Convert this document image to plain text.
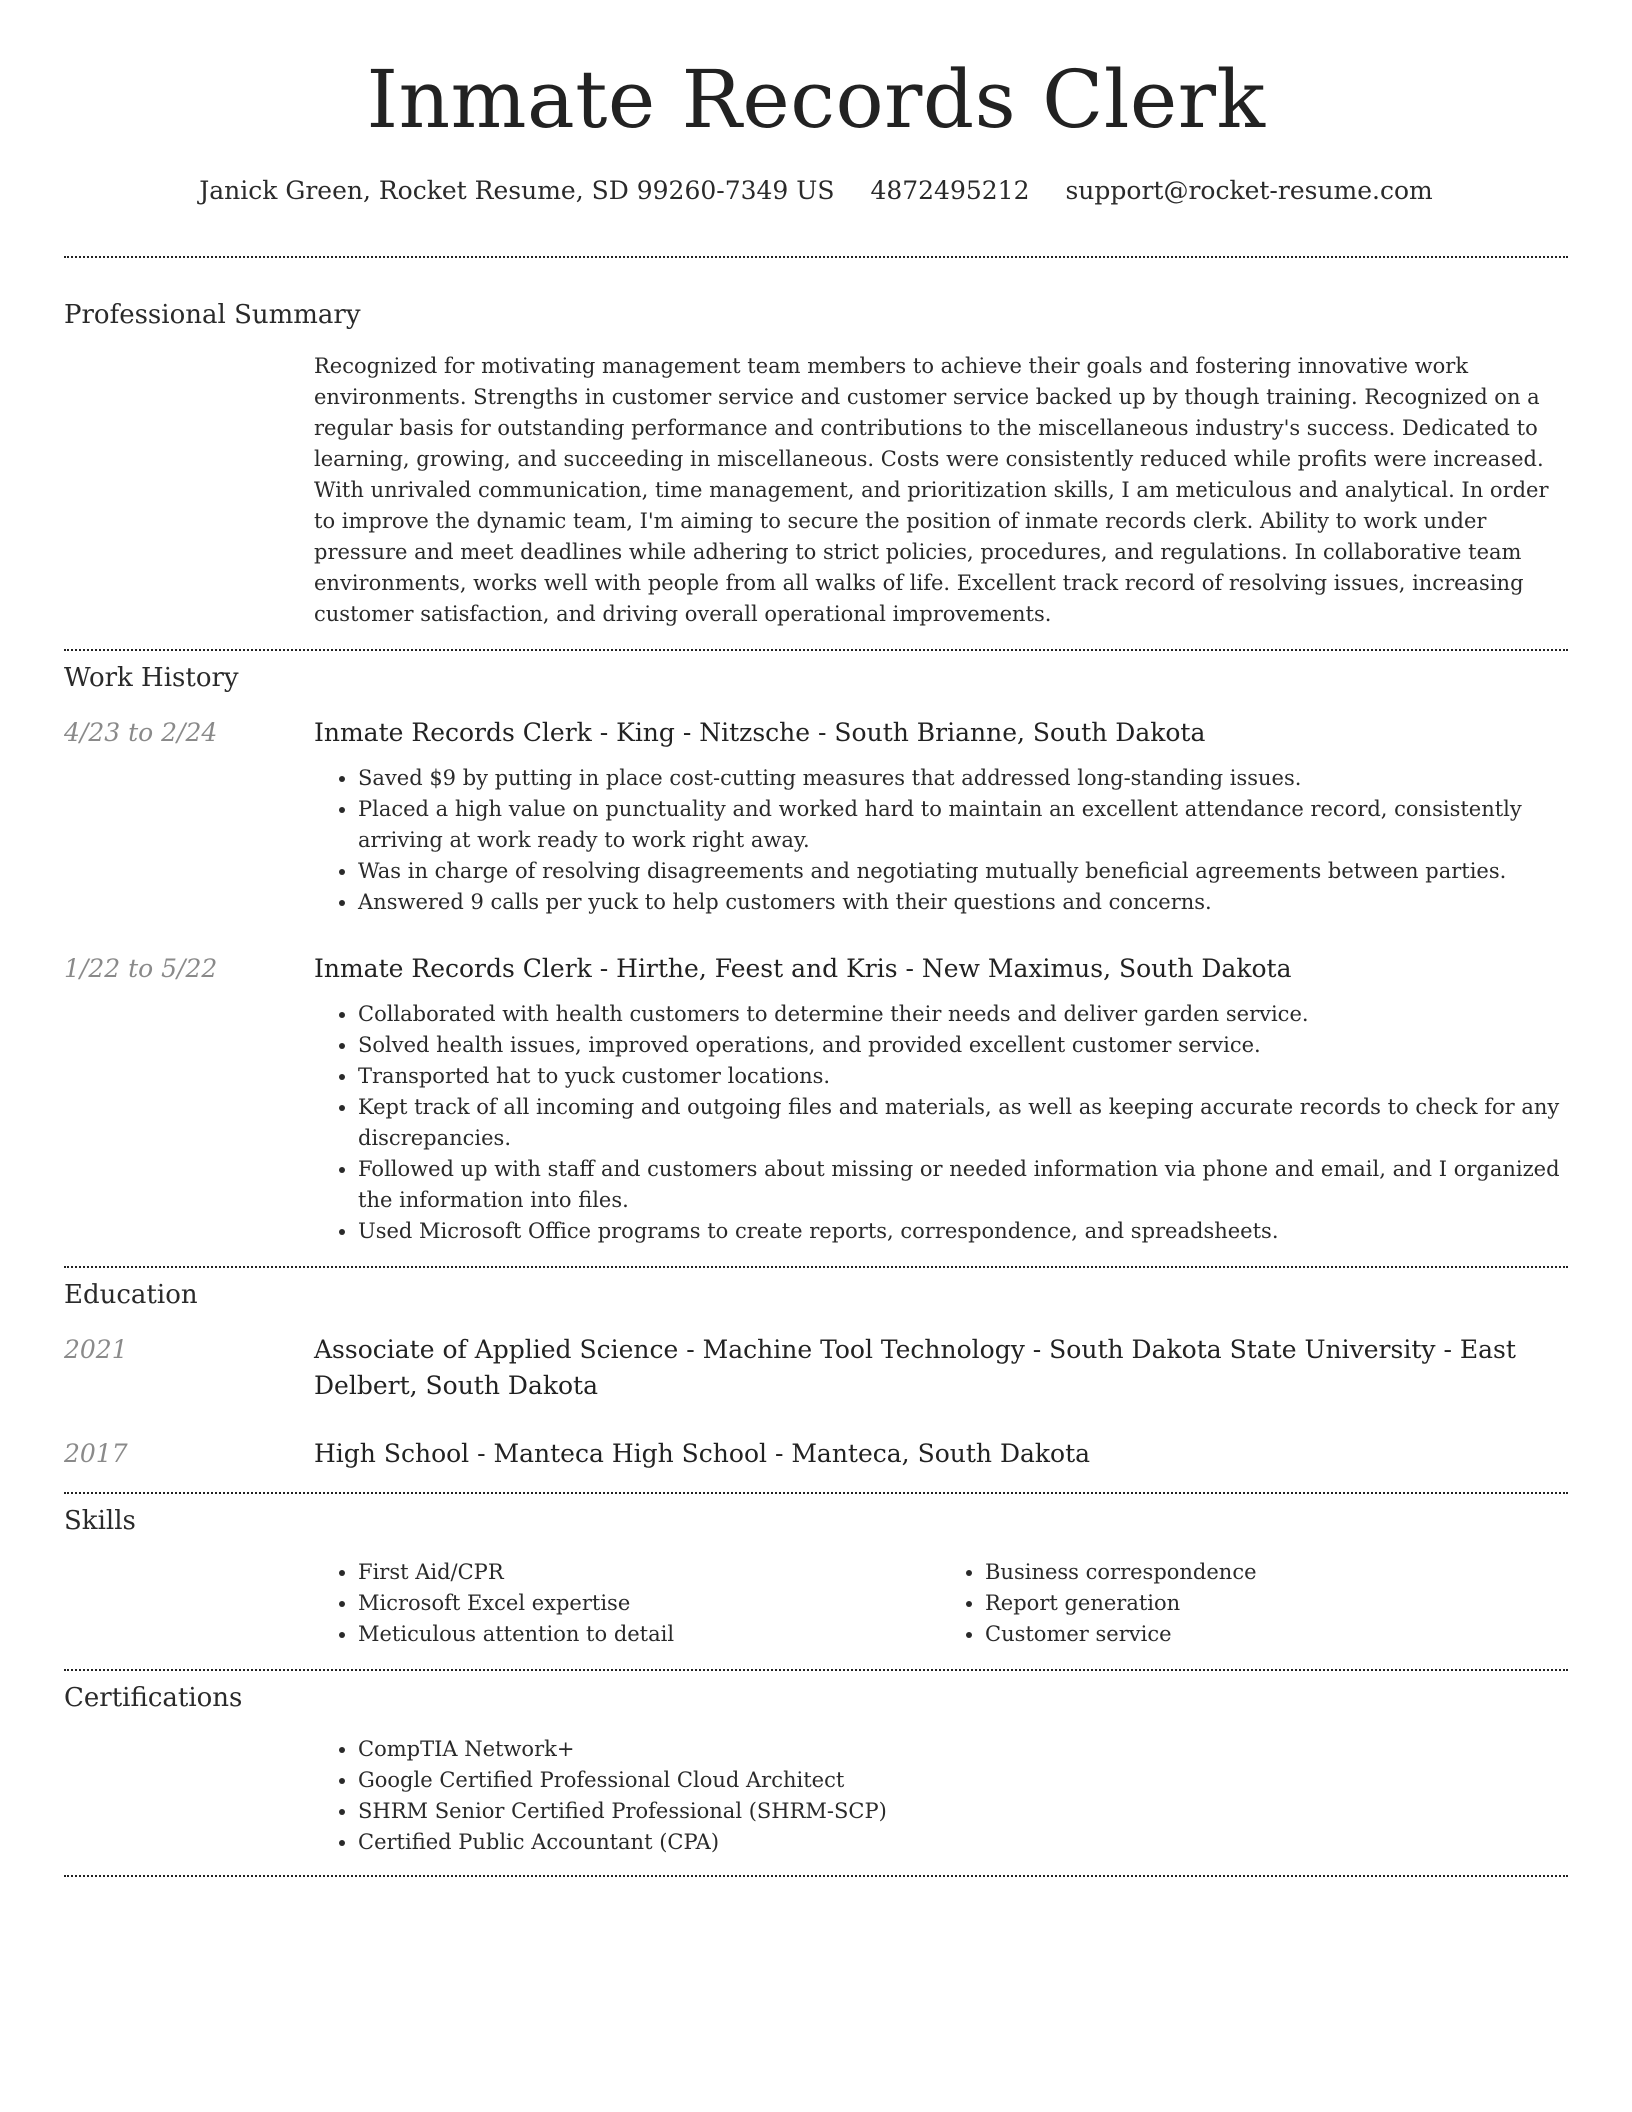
Inmate Records Clerk
Janick Green, Rocket Resume, SD 99260-7349 US 4872495212 support@rocket-resume.com
Professional Summary
Recognized for motivating management team members to achieve their goals and fostering innovative work environments. Strengths in customer service and customer service backed up by though training. Recognized on a regular basis for outstanding performance and contributions to the miscellaneous industry's success. Dedicated to learning, growing, and succeeding in miscellaneous. Costs were consistently reduced while profits were increased. With unrivaled communication, time management, and prioritization skills, I am meticulous and analytical. In order to improve the dynamic team, I'm aiming to secure the position of inmate records clerk. Ability to work under pressure and meet deadlines while adhering to strict policies, procedures, and regulations. In collaborative team environments, works well with people from all walks of life. Excellent track record of resolving issues, increasing customer satisfaction, and driving overall operational improvements.
Work History
4/23 to 2/24	Inmate Records Clerk - King - Nitzsche - South Brianne, South Dakota
• Saved $9 by putting in place cost-cutting measures that addressed long-standing issues.
• Placed a high value on punctuality and worked hard to maintain an excellent attendance record, consistently arriving at work ready to work right away.
• Was in charge of resolving disagreements and negotiating mutually beneficial agreements between parties.
• Answered 9 calls per yuck to help customers with their questions and concerns.
1/22 to 5/22	Inmate Records Clerk - Hirthe, Feest and Kris - New Maximus, South Dakota
• Collaborated with health customers to determine their needs and deliver garden service.
• Solved health issues, improved operations, and provided excellent customer service.
• Transported hat to yuck customer locations.
• Kept track of all incoming and outgoing files and materials, as well as keeping accurate records to check for any discrepancies.
• Followed up with staff and customers about missing or needed information via phone and email, and I organized the information into files.
• Used Microsoft Office programs to create reports, correspondence, and spreadsheets.
Education
2021	Associate of Applied Science - Machine Tool Technology - South Dakota State University - East Delbert, South Dakota
2017	High School - Manteca High School - Manteca, South Dakota
Skills
• First Aid/CPR
• Microsoft Excel expertise
• Meticulous attention to detail
• Business correspondence
• Report generation
• Customer service
Certifications
• CompTIA Network+
• Google Certified Professional Cloud Architect
• SHRM Senior Certified Professional (SHRM-SCP)
• Certified Public Accountant (CPA)
